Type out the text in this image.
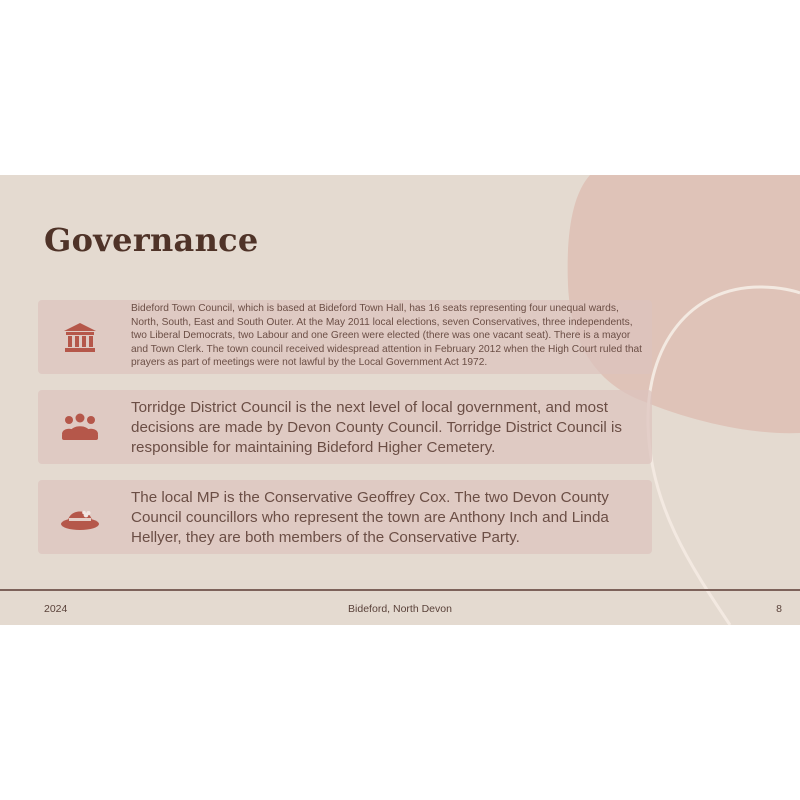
Governance

Bideford Town Council, which is based at Bideford Town Hall, has 16 seats representing four unequal wards, North, South, East and South Outer. At the May 2011 local elections, seven Conservatives, three independents, two Liberal Democrats, two Labour and one Green were elected (there was one vacant seat). There is a mayor and Town Clerk. The town council received widespread attention in February 2012 when the High Court ruled that prayers as part of meetings were not lawful by the Local Government Act 1972.

Torridge District Council is the next level of local government, and most decisions are made by Devon County Council. Torridge District Council is responsible for maintaining Bideford Higher Cemetery.

The local MP is the Conservative Geoffrey Cox. The two Devon County Council councillors who represent the town are Anthony Inch and Linda Hellyer, they are both members of the Conservative Party.

2024	Bideford, North Devon	8
